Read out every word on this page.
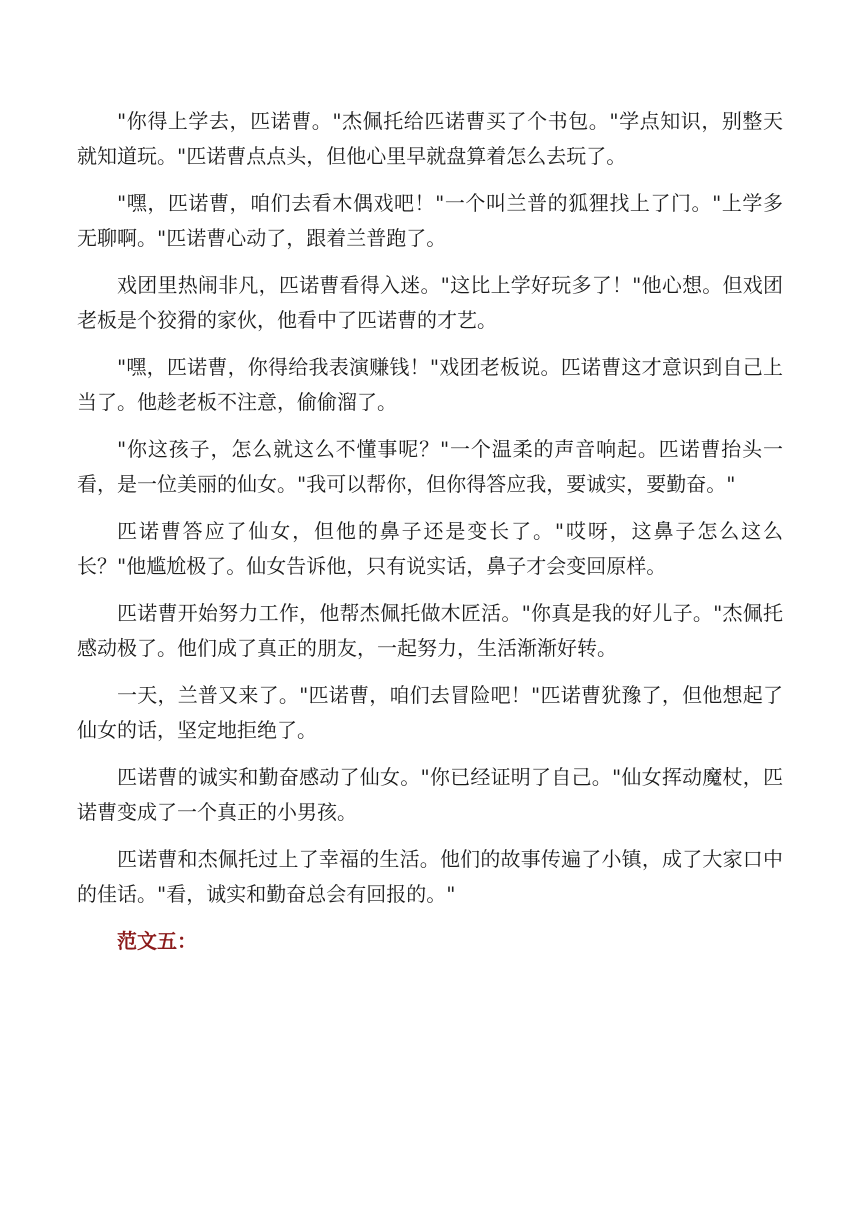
"你得上学去，匹诺曹。"杰佩托给匹诺曹买了个书包。"学点知识，别整天就知道玩。"匹诺曹点点头，但他心里早就盘算着怎么去玩了。

"嘿，匹诺曹，咱们去看木偶戏吧！"一个叫兰普的狐狸找上了门。"上学多无聊啊。"匹诺曹心动了，跟着兰普跑了。

戏团里热闹非凡，匹诺曹看得入迷。"这比上学好玩多了！"他心想。但戏团老板是个狡猾的家伙，他看中了匹诺曹的才艺。

"嘿，匹诺曹，你得给我表演赚钱！"戏团老板说。匹诺曹这才意识到自己上当了。他趁老板不注意，偷偷溜了。

"你这孩子，怎么就这么不懂事呢？"一个温柔的声音响起。匹诺曹抬头一看，是一位美丽的仙女。"我可以帮你，但你得答应我，要诚实，要勤奋。"

匹诺曹答应了仙女，但他的鼻子还是变长了。"哎呀，这鼻子怎么这么长？"他尴尬极了。仙女告诉他，只有说实话，鼻子才会变回原样。

匹诺曹开始努力工作，他帮杰佩托做木匠活。"你真是我的好儿子。"杰佩托感动极了。他们成了真正的朋友，一起努力，生活渐渐好转。

一天，兰普又来了。"匹诺曹，咱们去冒险吧！"匹诺曹犹豫了，但他想起了仙女的话，坚定地拒绝了。

匹诺曹的诚实和勤奋感动了仙女。"你已经证明了自己。"仙女挥动魔杖，匹诺曹变成了一个真正的小男孩。

匹诺曹和杰佩托过上了幸福的生活。他们的故事传遍了小镇，成了大家口中的佳话。"看，诚实和勤奋总会有回报的。"

范文五：
